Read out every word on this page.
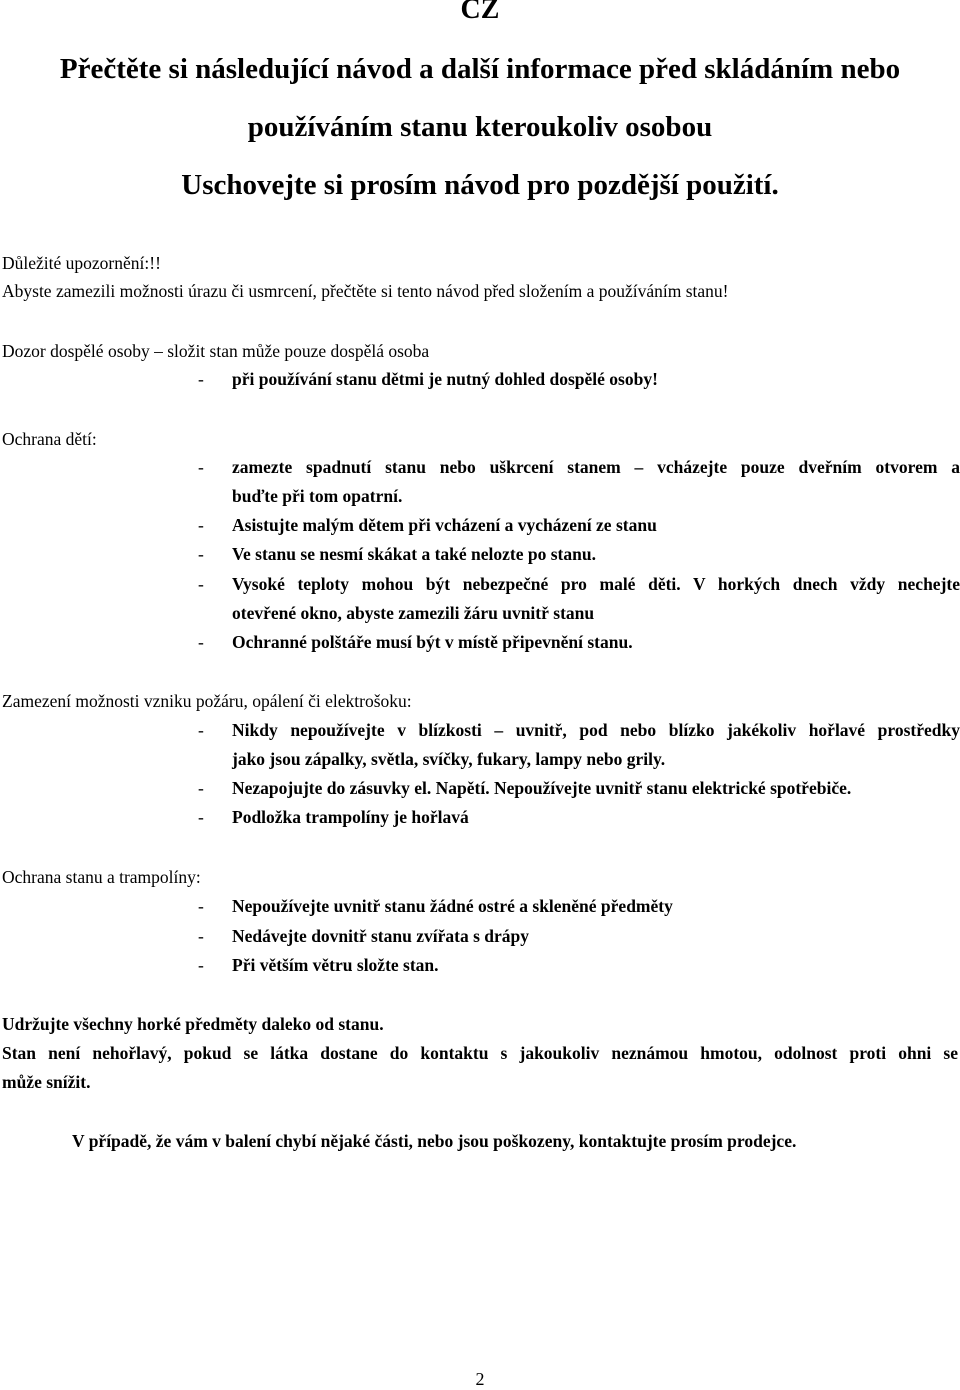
CZ
Přečtěte si následující návod a další informace před skládáním nebo
používáním stanu kteroukoliv osobou
Uschovejte si prosím návod pro pozdější použití.
Důležité upozornění:!!
Abyste zamezili možnosti úrazu či usmrcení, přečtěte si tento návod před složením a používáním stanu!
Dozor dospělé osoby – složit stan může pouze dospělá osoba
- při používání stanu dětmi je nutný dohled dospělé osoby!
Ochrana dětí:
- zamezte spadnutí stanu nebo uškrcení stanem – vcházejte pouze dveřním otvorem a
buďte při tom opatrní.
- Asistujte malým dětem při vcházení a vycházení ze stanu
- Ve stanu se nesmí skákat a také nelozte po stanu.
- Vysoké teploty mohou být nebezpečné pro malé děti. V horkých dnech vždy nechejte
otevřené okno, abyste zamezili žáru uvnitř stanu
- Ochranné polštáře musí být v místě připevnění stanu.
Zamezení možnosti vzniku požáru, opálení či elektrošoku:
- Nikdy nepoužívejte v blízkosti – uvnitř, pod nebo blízko jakékoliv hořlavé prostředky
jako jsou zápalky, světla, svíčky, fukary, lampy nebo grily.
- Nezapojujte do zásuvky el. Napětí. Nepoužívejte uvnitř stanu elektrické spotřebiče.
- Podložka trampolíny je hořlavá
Ochrana stanu a trampolíny:
- Nepoužívejte uvnitř stanu žádné ostré a skleněné předměty
- Nedávejte dovnitř stanu zvířata s drápy
- Při větším větru složte stan.
Udržujte všechny horké předměty daleko od stanu.
Stan není nehořlavý, pokud se látka dostane do kontaktu s jakoukoliv neznámou hmotou, odolnost proti ohni se
může snížit.
V případě, že vám v balení chybí nějaké části, nebo jsou poškozeny, kontaktujte prosím prodejce.
2
